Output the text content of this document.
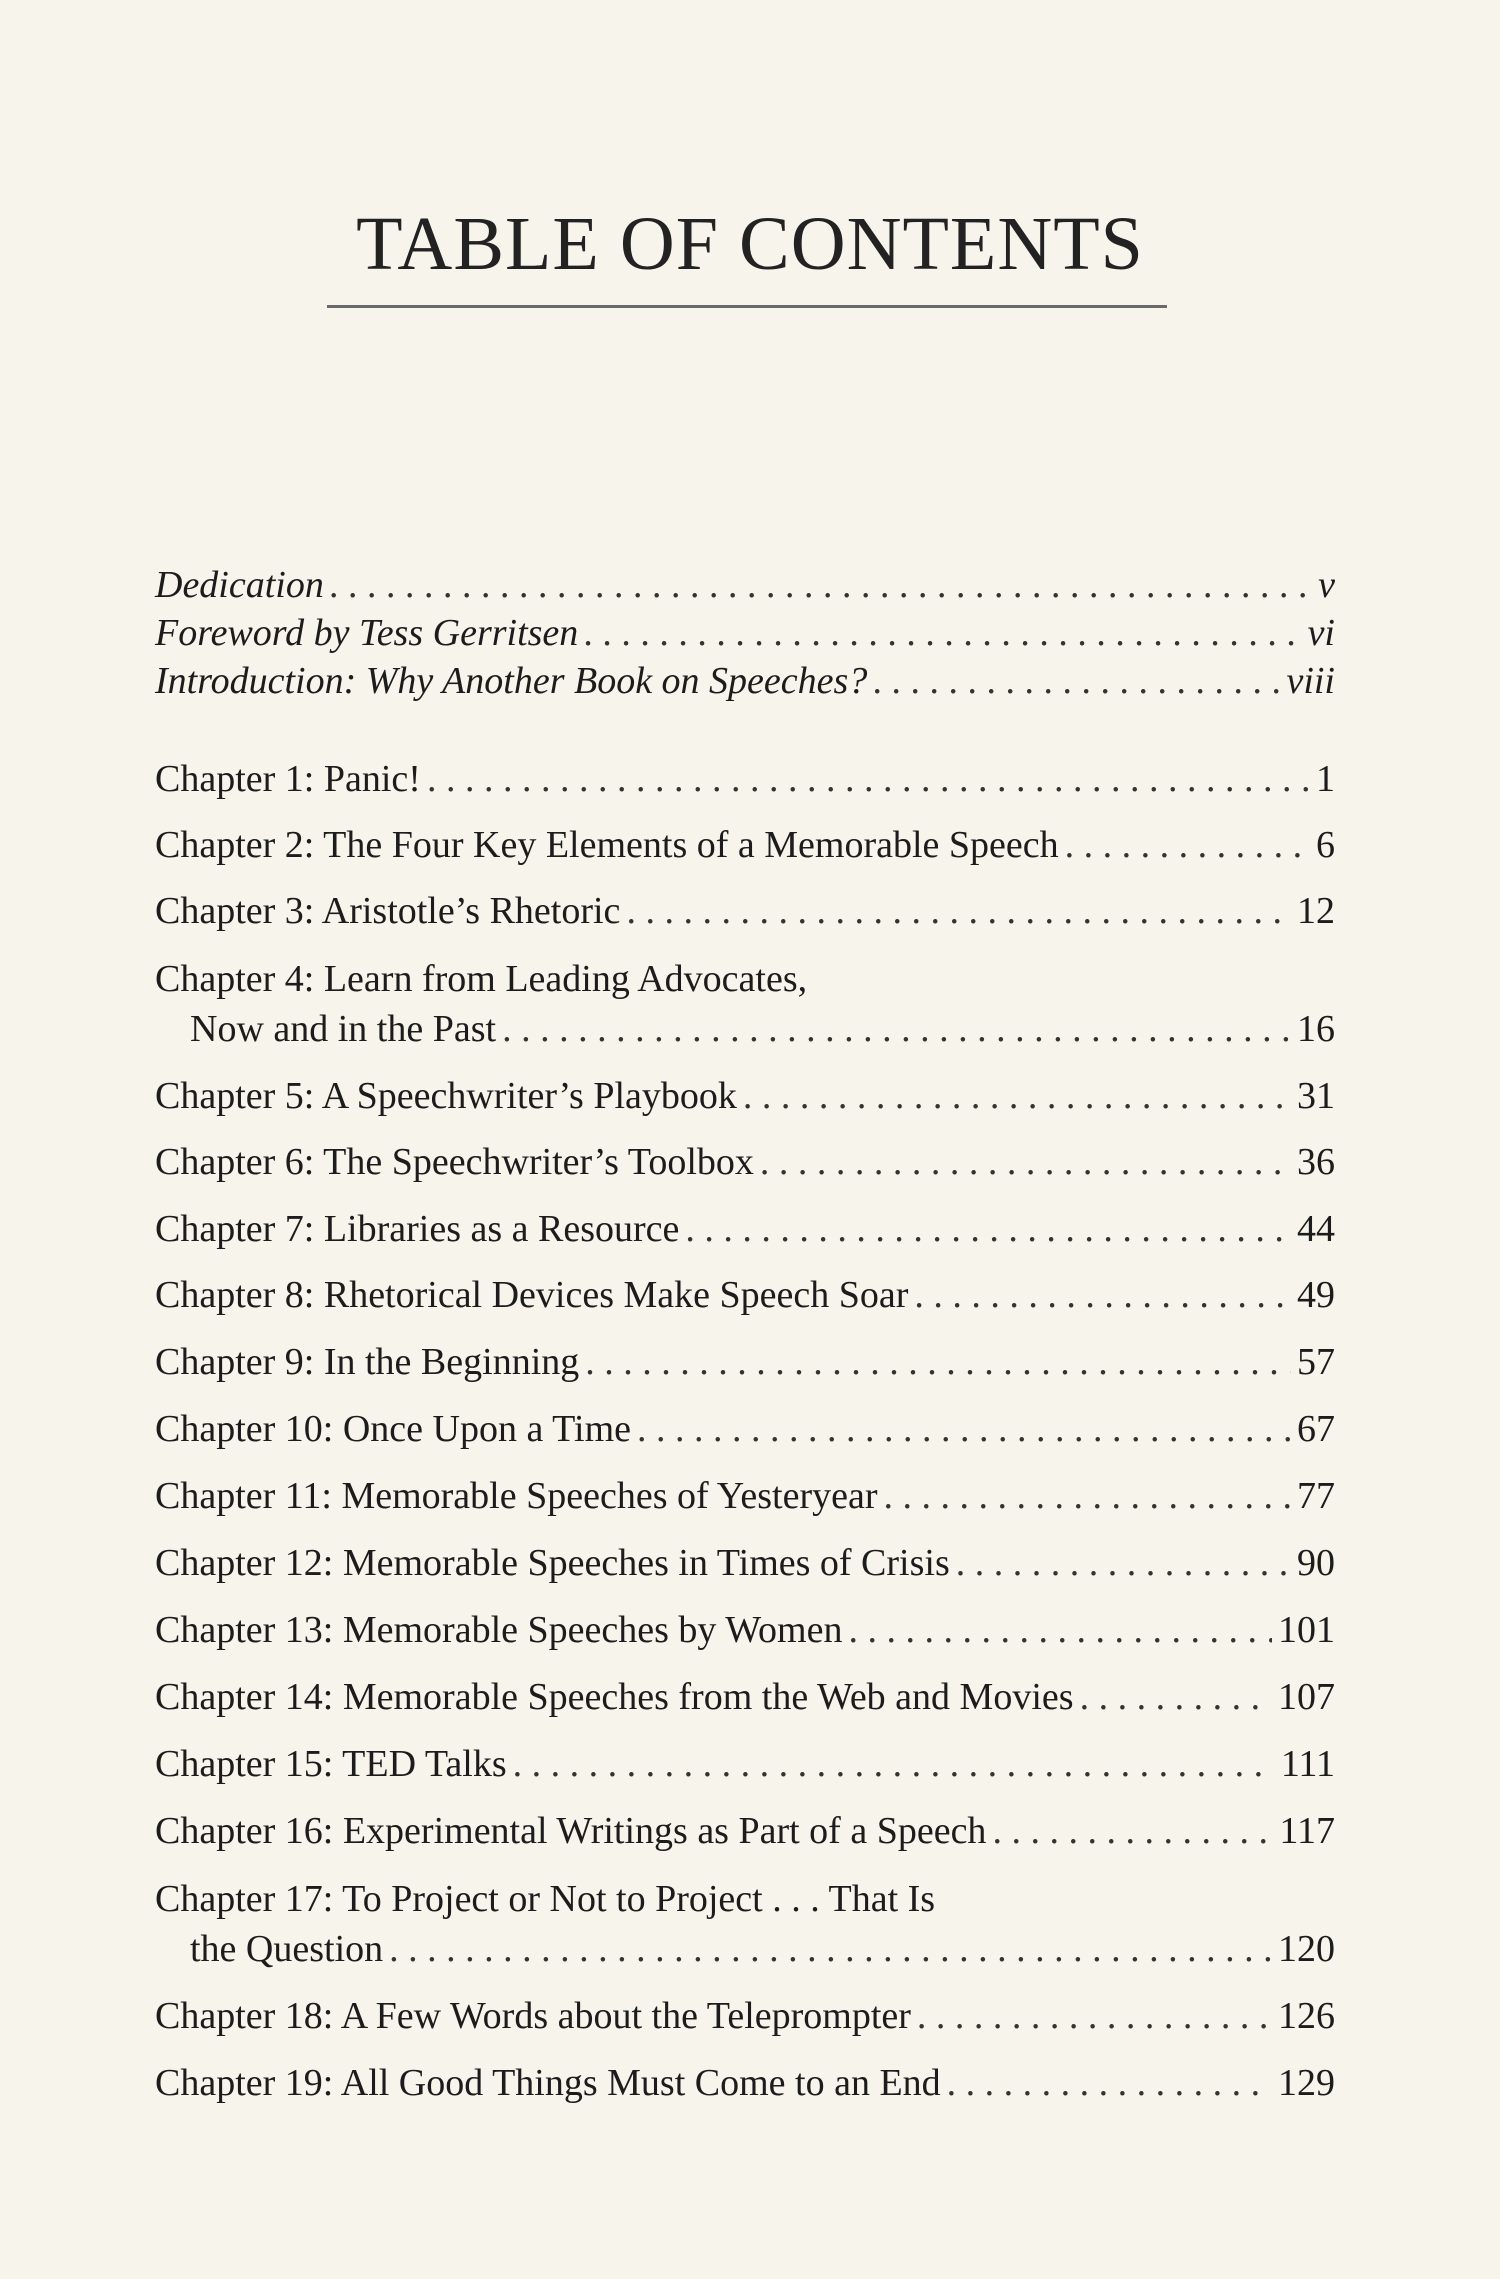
TABLE OF CONTENTS
Dedication . . .	v
Foreword by Tess Gerritsen . . .	vi
Introduction: Why Another Book on Speeches? . . .	viii
Chapter 1: Panic! . . .	1
Chapter 2: The Four Key Elements of a Memorable Speech . . .	6
Chapter 3: Aristotle’s Rhetoric . . .	12
Chapter 4: Learn from Leading Advocates,
Now and in the Past . . .	16
Chapter 5: A Speechwriter’s Playbook . . .	31
Chapter 6: The Speechwriter’s Toolbox . . .	36
Chapter 7: Libraries as a Resource . . .	44
Chapter 8: Rhetorical Devices Make Speech Soar . . .	49
Chapter 9: In the Beginning . . .	57
Chapter 10: Once Upon a Time . . .	67
Chapter 11: Memorable Speeches of Yesteryear . . .	77
Chapter 12: Memorable Speeches in Times of Crisis . . .	90
Chapter 13: Memorable Speeches by Women . . .	101
Chapter 14: Memorable Speeches from the Web and Movies . . .	107
Chapter 15: TED Talks . . .	111
Chapter 16: Experimental Writings as Part of a Speech . . .	117
Chapter 17: To Project or Not to Project . . . That Is
the Question . . .	120
Chapter 18: A Few Words about the Teleprompter . . .	126
Chapter 19: All Good Things Must Come to an End . . .	129
